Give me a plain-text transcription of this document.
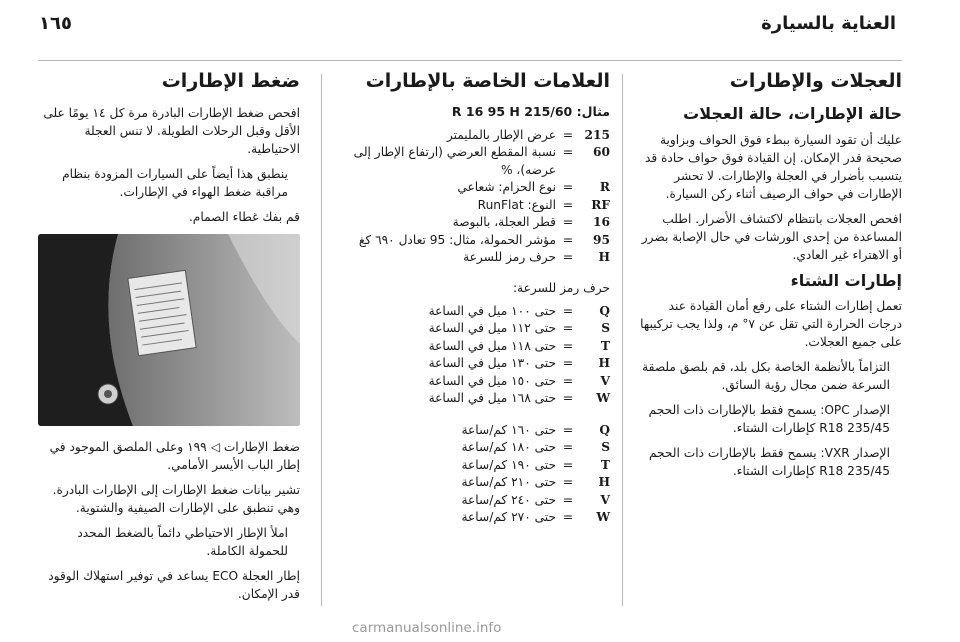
العناية بالسيارة
١٦٥
العجلات والإطارات
حالة الإطارات، حالة العجلات

عليك أن تقود السيارة ببطء فوق الحواف وبزاوية صحيحة قدر الإمكان. إن القيادة فوق حواف حادة قد يتسبب بأضرار في العجلة والإطارات. لا تحشر الإطارات في حواف الرصيف أثناء ركن السيارة.

افحص العجلات بانتظام لاكتشاف الأضرار. اطلب المساعدة من إحدى الورشات في حال الإصابة بضرر أو الاهتراء غير العادي.

إطارات الشتاء

تعمل إطارات الشتاء على رفع أمان القيادة عند درجات الحرارة التي تقل عن ٧° م، ولذا يجب تركيبها على جميع العجلات.

التزاماً بالأنظمة الخاصة بكل بلد، قم بلصق ملصقة السرعة ضمن مجال رؤية السائق.

الإصدار OPC: يسمح فقط بالإطارات ذات الحجم 235/45 R18 كإطارات الشتاء.

الإصدار VXR: يسمح فقط بالإطارات ذات الحجم 235/45 R18 كإطارات الشتاء.

العلامات الخاصة بالإطارات
مثال: 215/60 R 16 95 H
215	=	عرض الإطار بالمليمتر
60	=	نسبة المقطع العرضي (ارتفاع الإطار إلى عرضه)، %
R	=	نوع الحزام: شعاعي
RF	=	النوع: RunFlat
16	=	قطر العجلة، بالبوصة
95	=	مؤشر الحمولة، مثال: 95 تعادل ٦٩٠ كغ
H	=	حرف رمز للسرعة

حرف رمز للسرعة:

Q	=	حتى ١٠٠ ميل في الساعة
S	=	حتى ١١٢ ميل في الساعة
T	=	حتى ١١٨ ميل في الساعة
H	=	حتى ١٣٠ ميل في الساعة
V	=	حتى ١٥٠ ميل في الساعة
W	=	حتى ١٦٨ ميل في الساعة
Q	=	حتى ١٦٠ كم/ساعة
S	=	حتى ١٨٠ كم/ساعة
T	=	حتى ١٩٠ كم/ساعة
H	=	حتى ٢١٠ كم/ساعة
V	=	حتى ٢٤٠ كم/ساعة
W	=	حتى ٢٧٠ كم/ساعة
ضغط الإطارات

افحص ضغط الإطارات البادرة مرة كل ١٤ يومًا على الأقل وقبل الرحلات الطويلة. لا تنس العجلة الاحتياطية.

ينطبق هذا أيضاً على السيارات المزودة بنظام مراقبة ضغط الهواء في الإطارات.

قم بفك غطاء الصمام.

ضغط الإطارات ◁ ١٩٩ وعلى الملصق الموجود في إطار الباب الأيسر الأمامي.

تشير بيانات ضغط الإطارات إلى الإطارات البادرة. وهي تنطبق على الإطارات الصيفية والشتوية.

املأ الإطار الاحتياطي دائماً بالضغط المحدد للحمولة الكاملة.

إطار العجلة ECO يساعد في توفير استهلاك الوقود قدر الإمكان.

carmanualsonline.info
